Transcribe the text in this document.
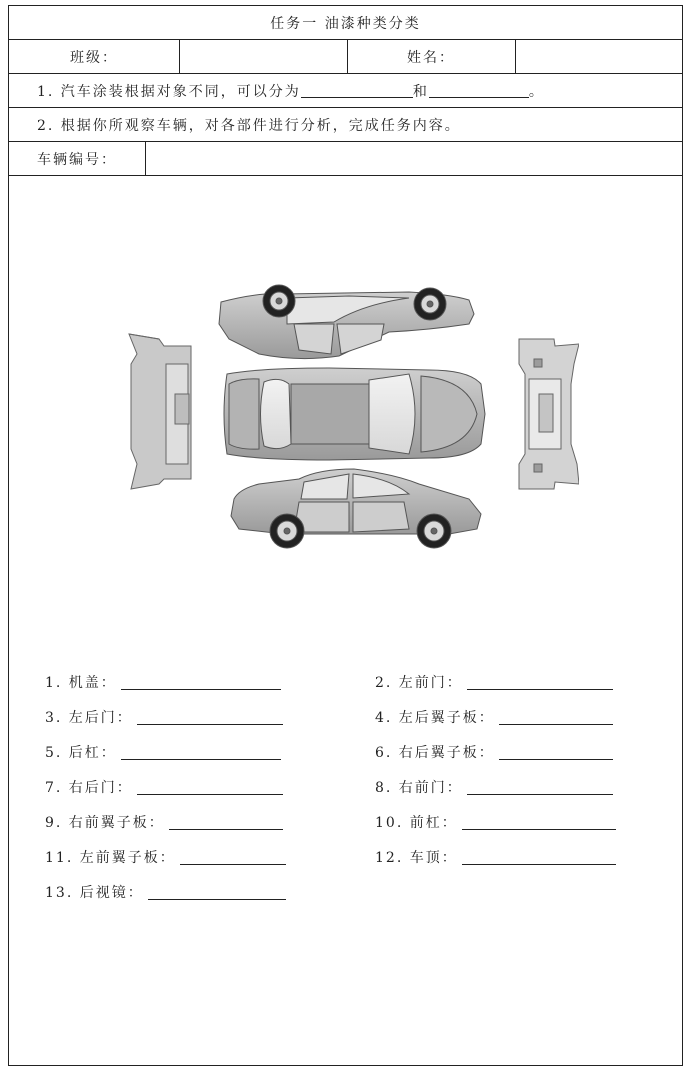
任务一 油漆种类分类
班级：	姓名：
1. 汽车涂装根据对象不同，可以分为	和	。
2. 根据你所观察车辆，对各部件进行分析，完成任务内容。
车辆编号：
1. 机盖：	2. 左前门：
3. 左后门：	4. 左后翼子板：
5. 后杠：	6. 右后翼子板：
7. 右后门：	8. 右前门：
9. 右前翼子板：	10. 前杠：
11. 左前翼子板：	12. 车顶：
13. 后视镜：
